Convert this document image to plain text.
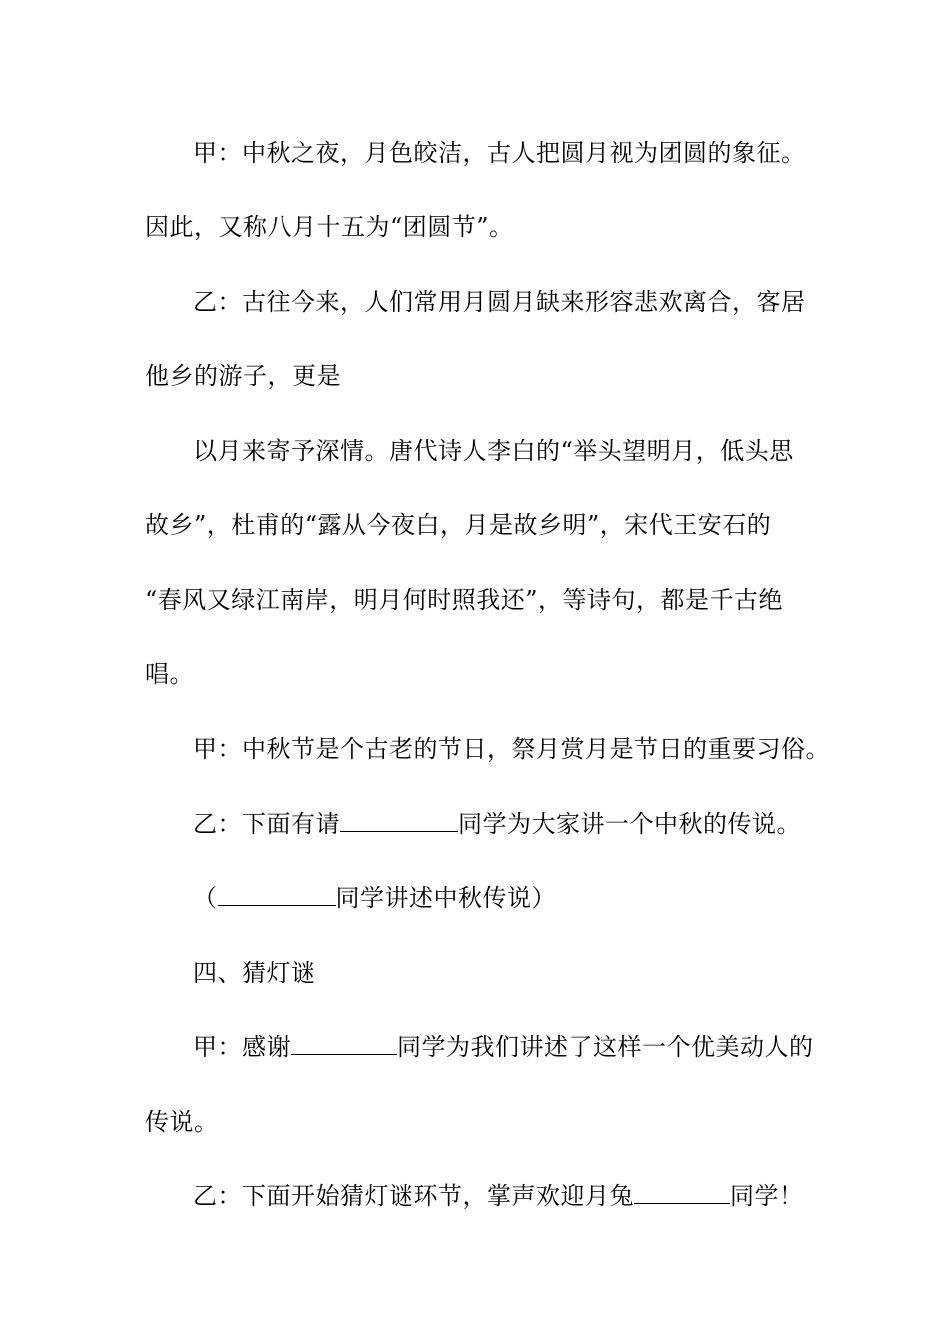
甲：中秋之夜，月色皎洁，古人把圆月视为团圆的象征。
因此，又称八月十五为“团圆节”。
乙：古往今来，人们常用月圆月缺来形容悲欢离合，客居
他乡的游子，更是
以月来寄予深情。唐代诗人李白的“举头望明月，低头思
故乡”，杜甫的“露从今夜白，月是故乡明”，宋代王安石的
“春风又绿江南岸，明月何时照我还”，等诗句，都是千古绝
唱。
甲：中秋节是个古老的节日，祭月赏月是节日的重要习俗。
乙：下面有请	同学为大家讲一个中秋的传说。
（	同学讲述中秋传说）
四、猜灯谜
甲：感谢	同学为我们讲述了这样一个优美动人的
传说。
乙：下面开始猜灯谜环节，掌声欢迎月兔	同学！
